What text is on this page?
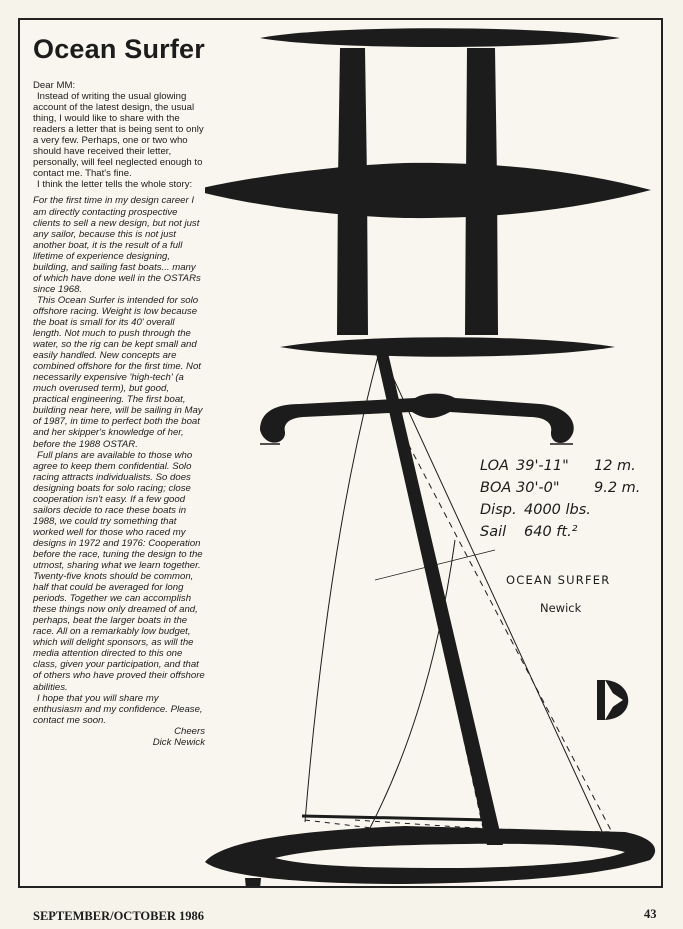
Ocean Surfer

Dear MM:

Instead of writing the usual glowing account of the latest design, the usual thing, I would like to share with the readers a letter that is being sent to only a very few. Perhaps, one or two who should have received their letter, personally, will feel neglected enough to contact me. That's fine.

I think the letter tells the whole story:

For the first time in my design career I am directly contacting prospective clients to sell a new design, but not just any sailor, because this is not just another boat, it is the result of a full lifetime of experience designing, building, and sailing fast boats... many of which have done well in the OSTARs since 1968.

This Ocean Surfer is intended for solo offshore racing. Weight is low because the boat is small for its 40' overall length. Not much to push through the water, so the rig can be kept small and easily handled. New concepts are combined offshore for the first time. Not necessarily expensive 'high-tech' (a much overused term), but good, practical engineering. The first boat, building near here, will be sailing in May of 1987, in time to perfect both the boat and her skipper's knowledge of her, before the 1988 OSTAR.

Full plans are available to those who agree to keep them confidential. Solo racing attracts individualists. So does designing boats for solo racing; close cooperation isn't easy. If a few good sailors decide to race these boats in 1988, we could try something that worked well for those who raced my designs in 1972 and 1976: Cooperation before the race, tuning the design to the utmost, sharing what we learn together. Twenty-five knots should be common, half that could be averaged for long periods. Together we can accomplish these things now only dreamed of and, perhaps, beat the larger boats in the race. All on a remarkably low budget, which will delight sponsors, as will the media attention directed to this one class, given your participation, and that of others who have proved their offshore abilities.

I hope that you will share my enthusiasm and my confidence. Please, contact me soon.

Cheers

Dick Newick

LOA 39'-11"	12 m.
BOA 30'-0"	9.2 m.
Disp. 4000 lbs.
Sail	640 ft.²
OCEAN SURFER
Newick
SEPTEMBER/OCTOBER 1986	43
